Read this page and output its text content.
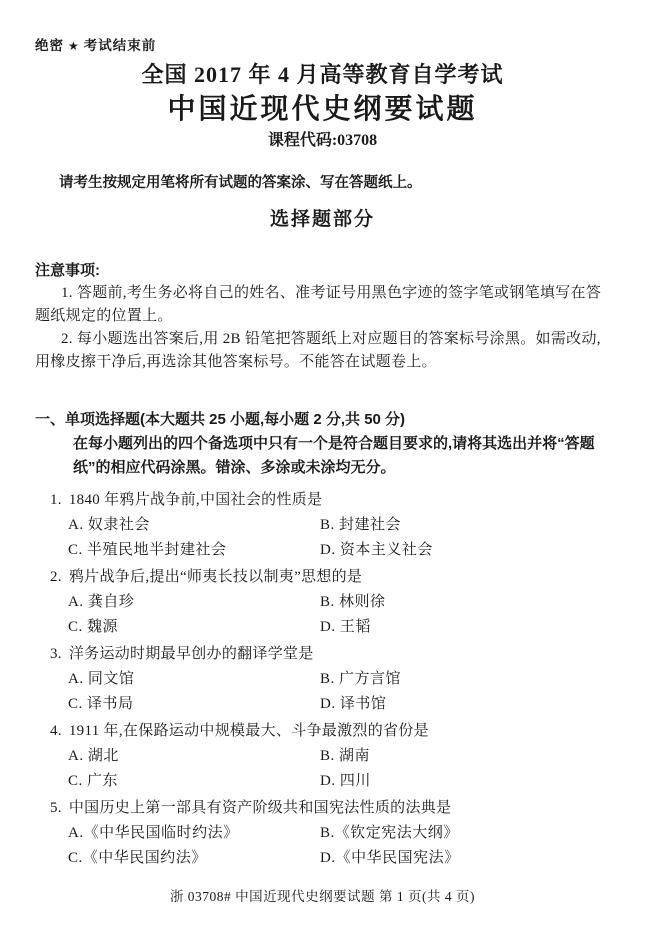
绝密 ★ 考试结束前
全国 2017 年 4 月高等教育自学考试
中国近现代史纲要试题
课程代码:03708
请考生按规定用笔将所有试题的答案涂、写在答题纸上。
选择题部分
注意事项:
1. 答题前,考生务必将自己的姓名、准考证号用黑色字迹的签字笔或钢笔填写在答题纸规定的位置上。
2. 每小题选出答案后,用 2B 铅笔把答题纸上对应题目的答案标号涂黑。如需改动,用橡皮擦干净后,再选涂其他答案标号。不能答在试题卷上。
一、单项选择题(本大题共 25 小题,每小题 2 分,共 50 分)
在每小题列出的四个备选项中只有一个是符合题目要求的,请将其选出并将“答题纸”的相应代码涂黑。错涂、多涂或未涂均无分。
1. 1840 年鸦片战争前,中国社会的性质是
A. 奴隶社会	B. 封建社会
C. 半殖民地半封建社会	D. 资本主义社会
2. 鸦片战争后,提出“师夷长技以制夷”思想的是
A. 龚自珍	B. 林则徐
C. 魏源	D. 王韬
3. 洋务运动时期最早创办的翻译学堂是
A. 同文馆	B. 广方言馆
C. 译书局	D. 译书馆
4. 1911 年,在保路运动中规模最大、斗争最激烈的省份是
A. 湖北	B. 湖南
C. 广东	D. 四川
5. 中国历史上第一部具有资产阶级共和国宪法性质的法典是
A.《中华民国临时约法》	B.《钦定宪法大纲》
C.《中华民国约法》	D.《中华民国宪法》
浙 03708# 中国近现代史纲要试题 第 1 页(共 4 页)
